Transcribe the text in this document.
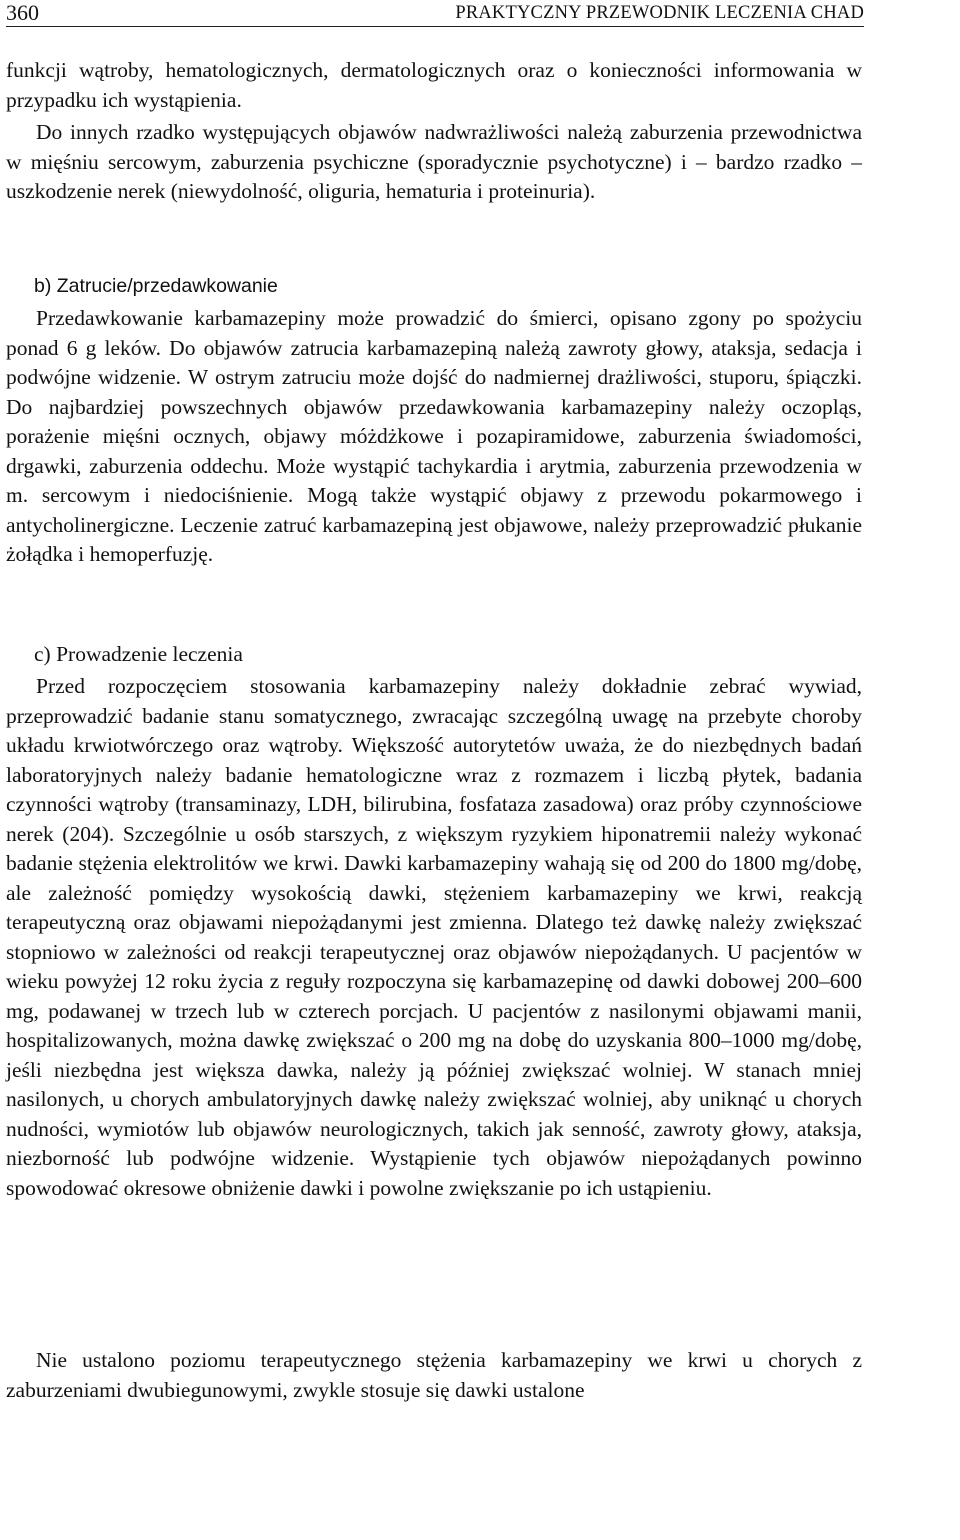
360	PRAKTYCZNY PRZEWODNIK LECZENIA CHAD

funkcji wątroby, hematologicznych, dermatologicznych oraz o konieczności informowania w przypadku ich wystąpienia.

Do innych rzadko występujących objawów nadwrażliwości należą zaburzenia przewodnictwa w mięśniu sercowym, zaburzenia psychiczne (sporadycznie psychotyczne) i – bardzo rzadko – uszkodzenie nerek (niewydolność, oliguria, hematuria i proteinuria).

b) Zatrucie/przedawkowanie

Przedawkowanie karbamazepiny może prowadzić do śmierci, opisano zgony po spożyciu ponad 6 g leków. Do objawów zatrucia karbamazepiną należą zawroty głowy, ataksja, sedacja i podwójne widzenie. W ostrym zatruciu może dojść do nadmiernej drażliwości, stuporu, śpiączki. Do najbardziej powszechnych objawów przedawkowania karbamazepiny należy oczopląs, porażenie mięśni ocznych, objawy móżdżkowe i pozapiramidowe, zaburzenia świadomości, drgawki, zaburzenia oddechu. Może wystąpić tachykardia i arytmia, zaburzenia przewodzenia w m. sercowym i niedociśnienie. Mogą także wystąpić objawy z przewodu pokarmowego i antycholinergiczne. Leczenie zatruć karbamazepiną jest objawowe, należy przeprowadzić płukanie żołądka i hemoperfuzję.

c) Prowadzenie leczenia

Przed rozpoczęciem stosowania karbamazepiny należy dokładnie zebrać wywiad, przeprowadzić badanie stanu somatycznego, zwracając szczególną uwagę na przebyte choroby układu krwiotwórczego oraz wątroby. Większość autorytetów uważa, że do niezbędnych badań laboratoryjnych należy badanie hematologiczne wraz z rozmazem i liczbą płytek, badania czynności wątroby (transaminazy, LDH, bilirubina, fosfataza zasadowa) oraz próby czynnościowe nerek (204). Szczególnie u osób starszych, z większym ryzykiem hiponatremii należy wykonać badanie stężenia elektrolitów we krwi. Dawki karbamazepiny wahają się od 200 do 1800 mg/dobę, ale zależność pomiędzy wysokością dawki, stężeniem karbamazepiny we krwi, reakcją terapeutyczną oraz objawami niepożądanymi jest zmienna. Dlatego też dawkę należy zwiększać stopniowo w zależności od reakcji terapeutycznej oraz objawów niepożądanych. U pacjentów w wieku powyżej 12 roku życia z reguły rozpoczyna się karbamazepinę od dawki dobowej 200–600 mg, podawanej w trzech lub w czterech porcjach. U pacjentów z nasilonymi objawami manii, hospitalizowanych, można dawkę zwiększać o 200 mg na dobę do uzyskania 800–1000 mg/dobę, jeśli niezbędna jest większa dawka, należy ją później zwiększać wolniej. W stanach mniej nasilonych, u chorych ambulatoryjnych dawkę należy zwiększać wolniej, aby uniknąć u chorych nudności, wymiotów lub objawów neurologicznych, takich jak senność, zawroty głowy, ataksja, niezborność lub podwójne widzenie. Wystąpienie tych objawów niepożądanych powinno spowodować okresowe obniżenie dawki i powolne zwiększanie po ich ustąpieniu.

Nie ustalono poziomu terapeutycznego stężenia karbamazepiny we krwi u chorych z zaburzeniami dwubiegunowymi, zwykle stosuje się dawki ustalone
